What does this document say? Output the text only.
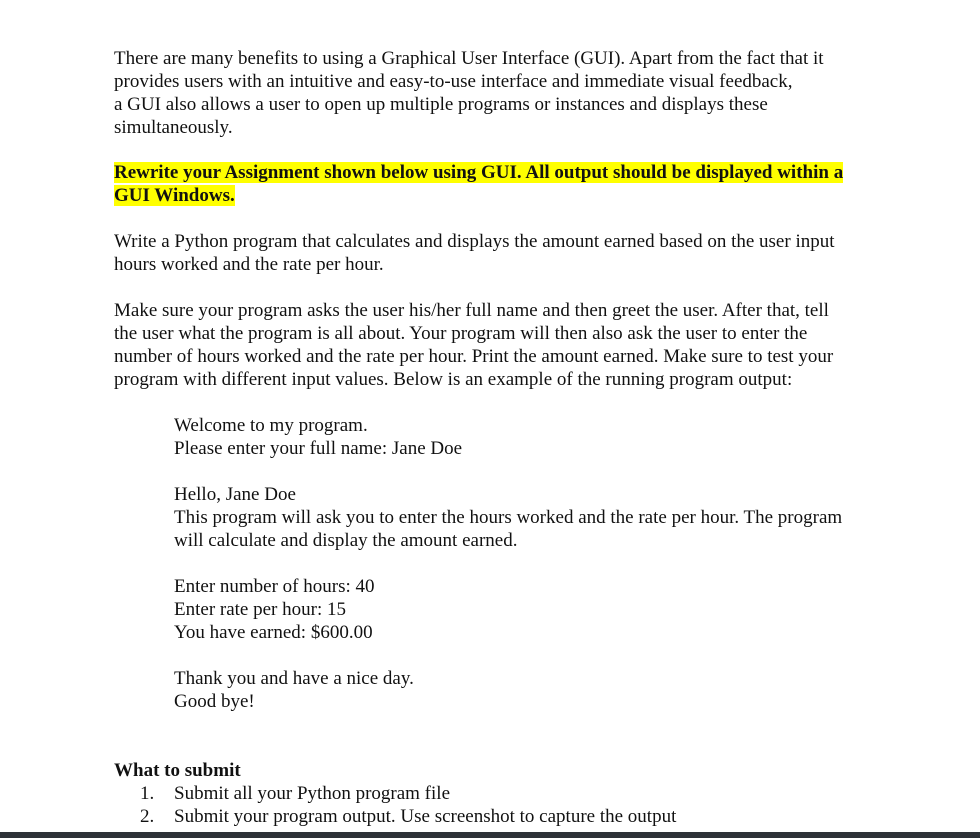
There are many benefits to using a Graphical User Interface (GUI). Apart from the fact that it
provides users with an intuitive and easy-to-use interface and immediate visual feedback,
a GUI also allows a user to open up multiple programs or instances and displays these
simultaneously.

Rewrite your Assignment shown below using GUI. All output should be displayed within a
GUI Windows.

Write a Python program that calculates and displays the amount earned based on the user input
hours worked and the rate per hour.

Make sure your program asks the user his/her full name and then greet the user. After that, tell
the user what the program is all about. Your program will then also ask the user to enter the
number of hours worked and the rate per hour. Print the amount earned. Make sure to test your
program with different input values. Below is an example of the running program output:

Welcome to my program.
Please enter your full name: Jane Doe
Hello, Jane Doe
This program will ask you to enter the hours worked and the rate per hour. The program
will calculate and display the amount earned.
Enter number of hours: 40
Enter rate per hour: 15
You have earned: $600.00
Thank you and have a nice day.
Good bye!
What to submit
1. Submit all your Python program file
2. Submit your program output. Use screenshot to capture the output
